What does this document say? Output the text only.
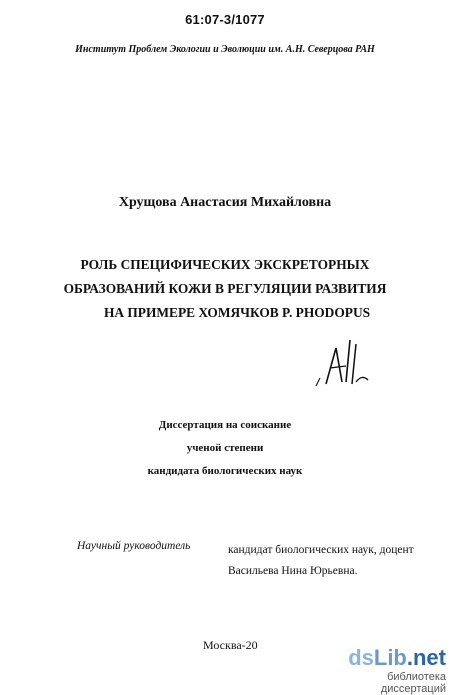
61:07-3/1077
Институт Проблем Экологии и Эволюции им. А.Н. Северцова РАН
Хрущова Анастасия Михайловна
РОЛЬ СПЕЦИФИЧЕСКИХ ЭКСКРЕТОРНЫХ
ОБРАЗОВАНИЙ КОЖИ В РЕГУЛЯЦИИ РАЗВИТИЯ
НА ПРИМЕРЕ ХОМЯЧКОВ P. PHODOPUS
Диссертация на соискание
ученой степени
кандидата биологических наук
Научный руководитель	кандидат биологических наук, доцент
Васильева Нина Юрьевна.
Москва-20	dsLib.net
библиотека диссертаций
